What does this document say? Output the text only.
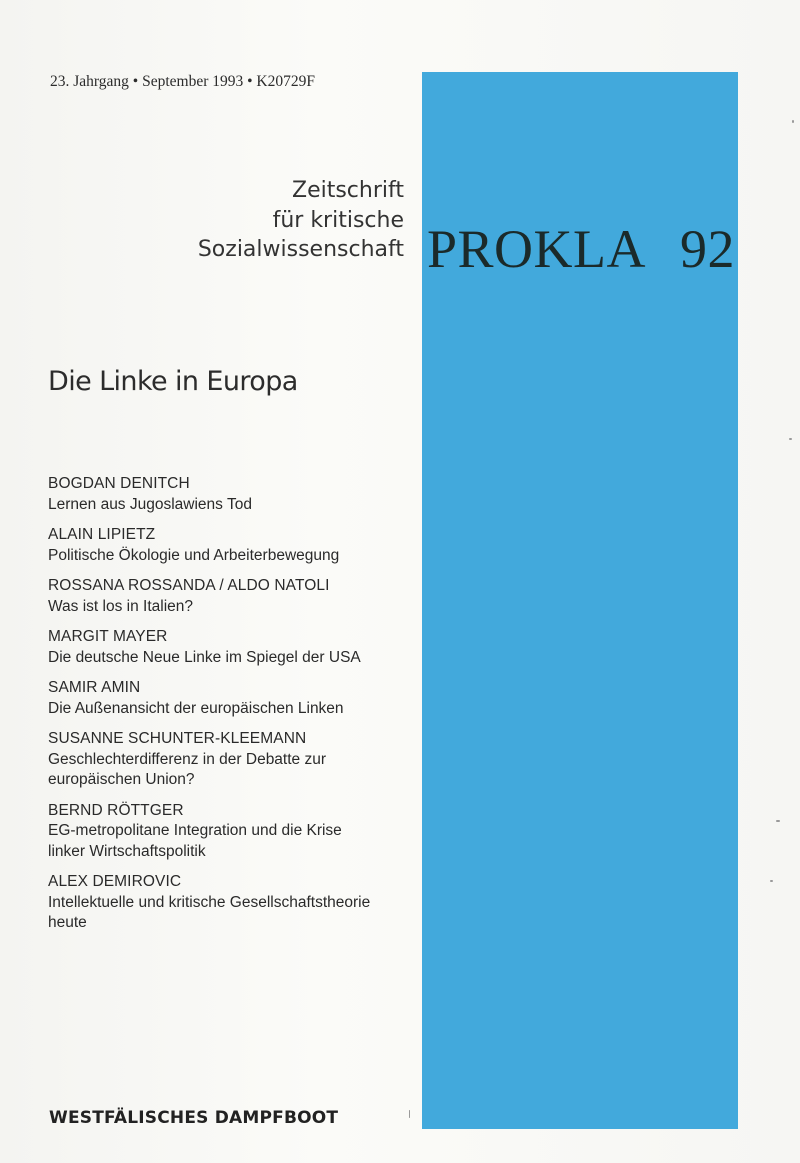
23. Jahrgang • September 1993 • K20729F
Zeitschrift
für kritische
Sozialwissenschaft PROKLA 92
Die Linke in Europa
BOGDAN DENITCH
Lernen aus Jugoslawiens Tod
ALAIN LIPIETZ
Politische Ökologie und Arbeiterbewegung
ROSSANA ROSSANDA / ALDO NATOLI
Was ist los in Italien?
MARGIT MAYER
Die deutsche Neue Linke im Spiegel der USA
SAMIR AMIN
Die Außenansicht der europäischen Linken
SUSANNE SCHUNTER-KLEEMANN
Geschlechterdifferenz in der Debatte zur
europäischen Union?
BERND RÖTTGER
EG-metropolitane Integration und die Krise
linker Wirtschaftspolitik
ALEX DEMIROVIC
Intellektuelle und kritische Gesellschaftstheorie
heute
WESTFÄLISCHES DAMPFBOOT
